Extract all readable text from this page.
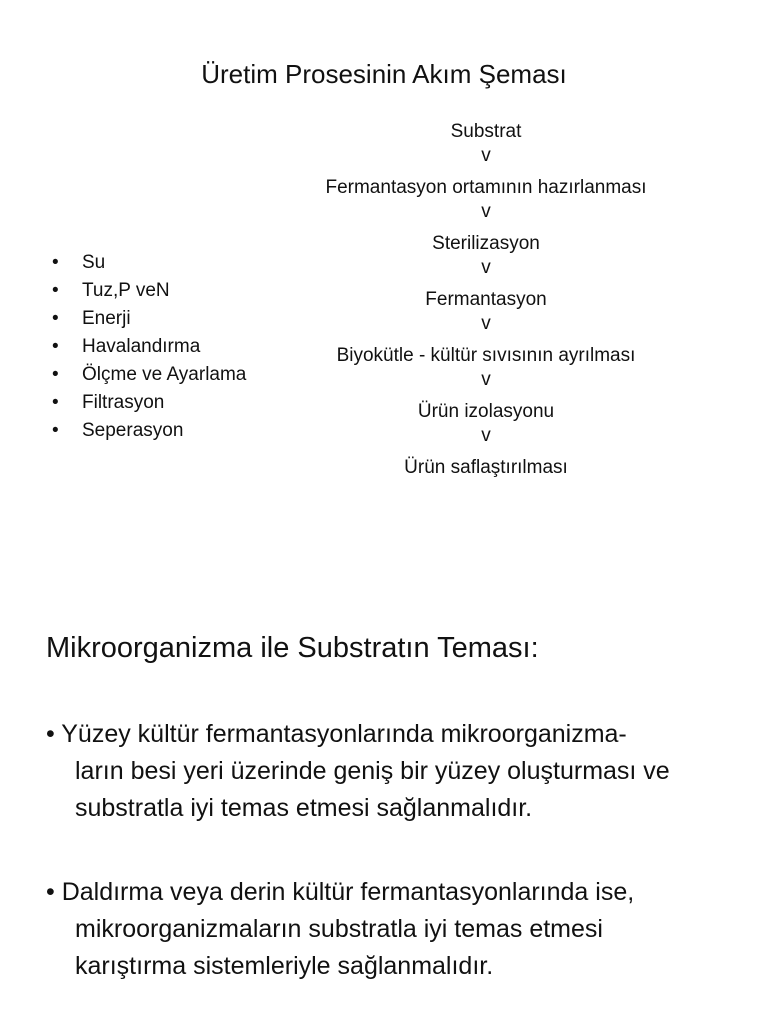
Üretim Prosesinin Akım Şeması
• Su
• Tuz,P veN
• Enerji
• Havalandırma
• Ölçme ve Ayarlama
• Filtrasyon
• Seperasyon
Substrat
v
Fermantasyon ortamının hazırlanması
v
Sterilizasyon
v
Fermantasyon
v
Biyokütle - kültür sıvısının ayrılması
v
Ürün izolasyonu
v
Ürün saflaştırılması
Mikroorganizma ile Substratın Teması:
• Yüzey kültür fermantasyonlarında mikroorganizma-
ların besi yeri üzerinde geniş bir yüzey oluşturması ve
substratla iyi temas etmesi sağlanmalıdır.
• Daldırma veya derin kültür fermantasyonlarında ise,
mikroorganizmaların substratla iyi temas etmesi
karıştırma sistemleriyle sağlanmalıdır.
